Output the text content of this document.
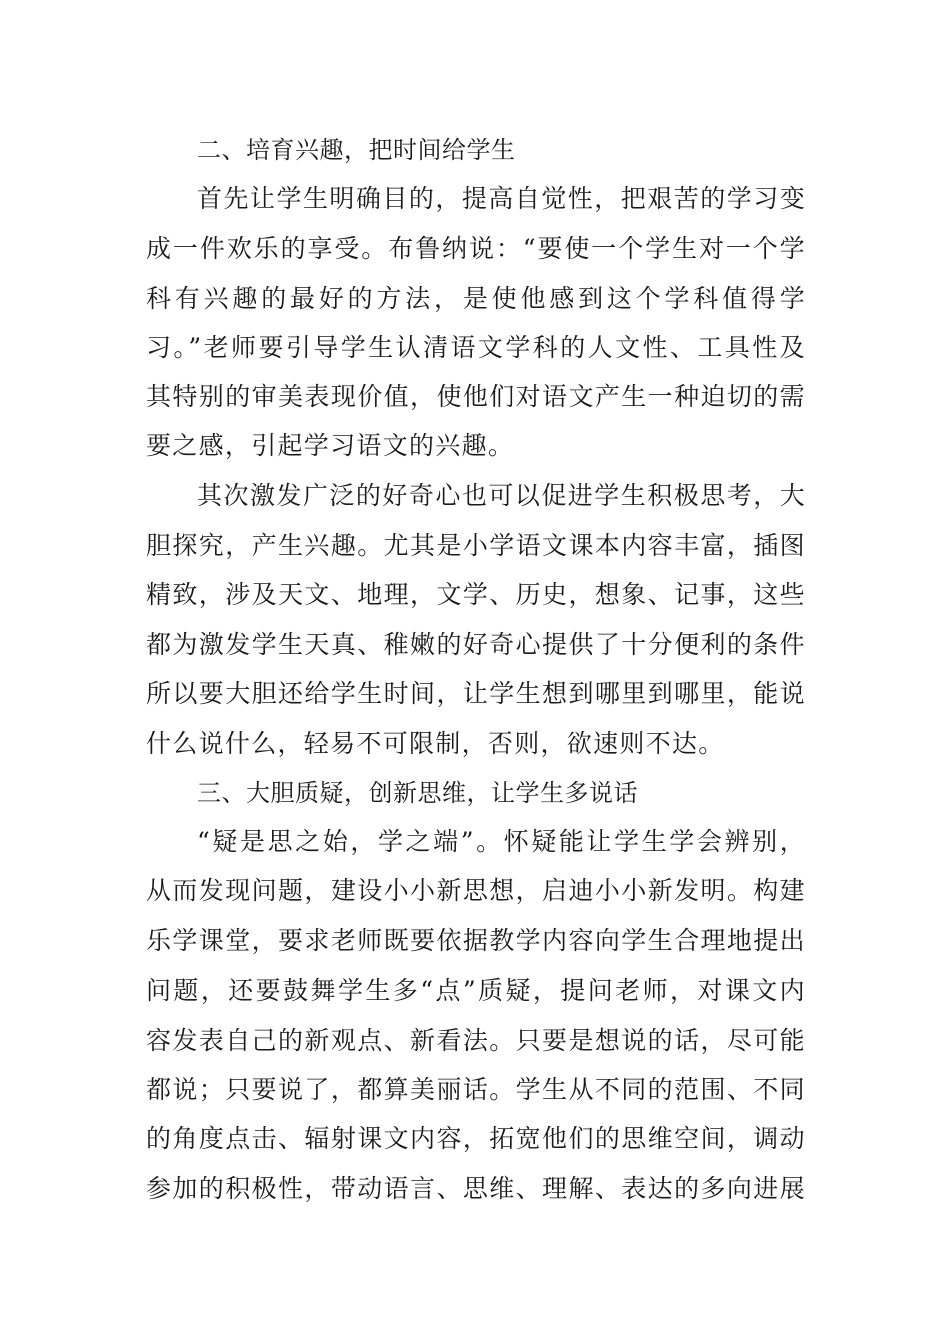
二、培育兴趣，把时间给学生
首先让学生明确目的，提高自觉性，把艰苦的学习变
成一件欢乐的享受。布鲁纳说：“要使一个学生对一个学
科有兴趣的最好的方法，是使他感到这个学科值得学
习。”老师要引导学生认清语文学科的人文性、工具性及
其特别的审美表现价值，使他们对语文产生一种迫切的需
要之感，引起学习语文的兴趣。
其次激发广泛的好奇心也可以促进学生积极思考，大
胆探究，产生兴趣。尤其是小学语文课本内容丰富，插图
精致，涉及天文、地理，文学、历史，想象、记事，这些
都为激发学生天真、稚嫩的好奇心提供了十分便利的条件
所以要大胆还给学生时间，让学生想到哪里到哪里，能说
什么说什么，轻易不可限制，否则，欲速则不达。
三、大胆质疑，创新思维，让学生多说话
“疑是思之始，学之端”。怀疑能让学生学会辨别，
从而发现问题，建设小小新思想，启迪小小新发明。构建
乐学课堂，要求老师既要依据教学内容向学生合理地提出
问题，还要鼓舞学生多“点”质疑，提问老师，对课文内
容发表自己的新观点、新看法。只要是想说的话，尽可能
都说；只要说了，都算美丽话。学生从不同的范围、不同
的角度点击、辐射课文内容，拓宽他们的思维空间，调动
参加的积极性，带动语言、思维、理解、表达的多向进展
